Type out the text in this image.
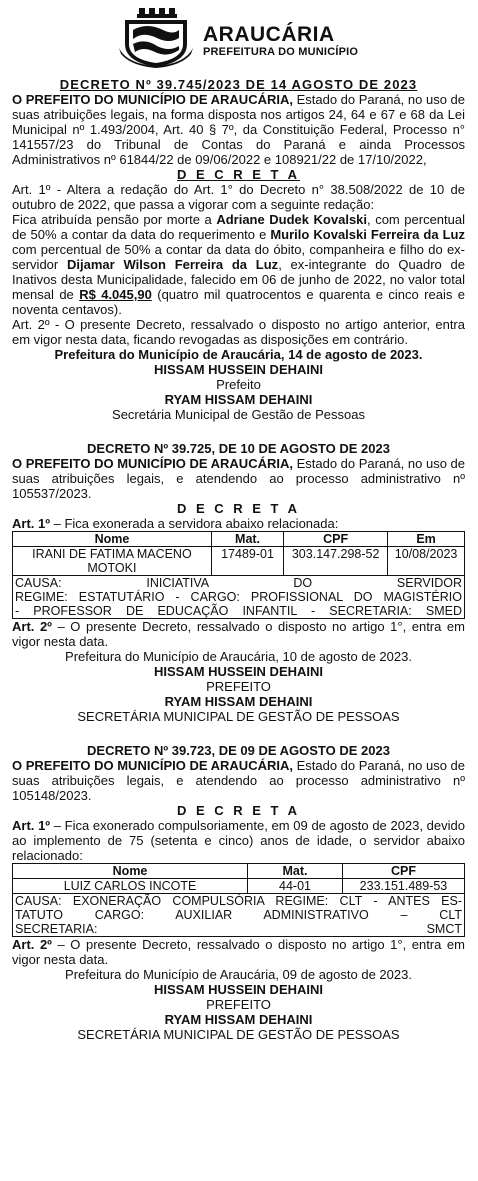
ARAUCÁRIA
PREFEITURA DO MUNICÍPIO
DECRETO Nº 39.745/2023 DE 14 AGOSTO DE 2023

O PREFEITO DO MUNICÍPIO DE ARAUCÁRIA, Estado do Paraná, no uso de suas atribuições legais, na forma disposta nos artigos 24, 64 e 67 e 68 da Lei Municipal nº 1.493/2004, Art. 40 § 7º, da Constituição Federal, Processo n° 141557/23 do Tribunal de Contas do Paraná e ainda Processos Administrativos nº 61844/22 de 09/06/2022 e 108921/22 de 17/10/2022,

D E C R E T A

Art. 1º - Altera a redação do Art. 1° do Decreto n° 38.508/2022 de 10 de outubro de 2022, que passa a vigorar com a seguinte redação:

Fica atribuída pensão por morte a Adriane Dudek Kovalski, com percentual de 50% a contar da data do requerimento e Murilo Kovalski Ferreira da Luz com percentual de 50% a contar da data do óbito, companheira e filho do ex-servidor Dijamar Wilson Ferreira da Luz, ex-integrante do Quadro de Inativos desta Municipalidade, falecido em 06 de junho de 2022, no valor total mensal de R$ 4.045,90 (quatro mil quatrocentos e quarenta e cinco reais e noventa centavos).

Art. 2º - O presente Decreto, ressalvado o disposto no artigo anterior, entra em vigor nesta data, ficando revogadas as disposições em contrário.

Prefeitura do Município de Araucária, 14 de agosto de 2023.
HISSAM HUSSEIN DEHAINI
Prefeito
RYAM HISSAM DEHAINI
Secretária Municipal de Gestão de Pessoas
DECRETO Nº 39.725, DE 10 DE AGOSTO DE 2023

O PREFEITO DO MUNICÍPIO DE ARAUCÁRIA, Estado do Paraná, no uso de suas atribuições legais, e atendendo ao processo administrativo nº 105537/2023.

D E C R E T A

Art. 1º – Fica exonerada a servidora abaixo relacionada:

Nome	Mat.	CPF	Em
IRANI DE FATIMA MACENO MOTOKI	17489-01	303.147.298-52	10/08/2023
CAUSA: INICIATIVA DO SERVIDOR
REGIME: ESTATUTÁRIO - CARGO: PROFISSIONAL DO MAGISTÉRIO
- PROFESSOR DE EDUCAÇÃO INFANTIL - SECRETARIA: SMED

Art. 2º – O presente Decreto, ressalvado o disposto no artigo 1°, entra em vigor nesta data.

Prefeitura do Município de Araucária, 10 de agosto de 2023.
HISSAM HUSSEIN DEHAINI
PREFEITO
RYAM HISSAM DEHAINI
SECRETÁRIA MUNICIPAL DE GESTÃO DE PESSOAS
DECRETO Nº 39.723, DE 09 DE AGOSTO DE 2023

O PREFEITO DO MUNICÍPIO DE ARAUCÁRIA, Estado do Paraná, no uso de suas atribuições legais, e atendendo ao processo administrativo nº 105148/2023.

D E C R E T A

Art. 1º – Fica exonerado compulsoriamente, em 09 de agosto de 2023, devido ao implemento de 75 (setenta e cinco) anos de idade, o servidor abaixo relacionado:

Nome	Mat.	CPF
LUIZ CARLOS INCOTE	44-01	233.151.489-53
CAUSA: EXONERAÇÃO COMPULSÓRIA REGIME: CLT - ANTES ES-
TATUTO CARGO: AUXILIAR ADMINISTRATIVO – CLT
SECRETARIA: SMCT

Art. 2º – O presente Decreto, ressalvado o disposto no artigo 1°, entra em vigor nesta data.

Prefeitura do Município de Araucária, 09 de agosto de 2023.
HISSAM HUSSEIN DEHAINI
PREFEITO
RYAM HISSAM DEHAINI
SECRETÁRIA MUNICIPAL DE GESTÃO DE PESSOAS
